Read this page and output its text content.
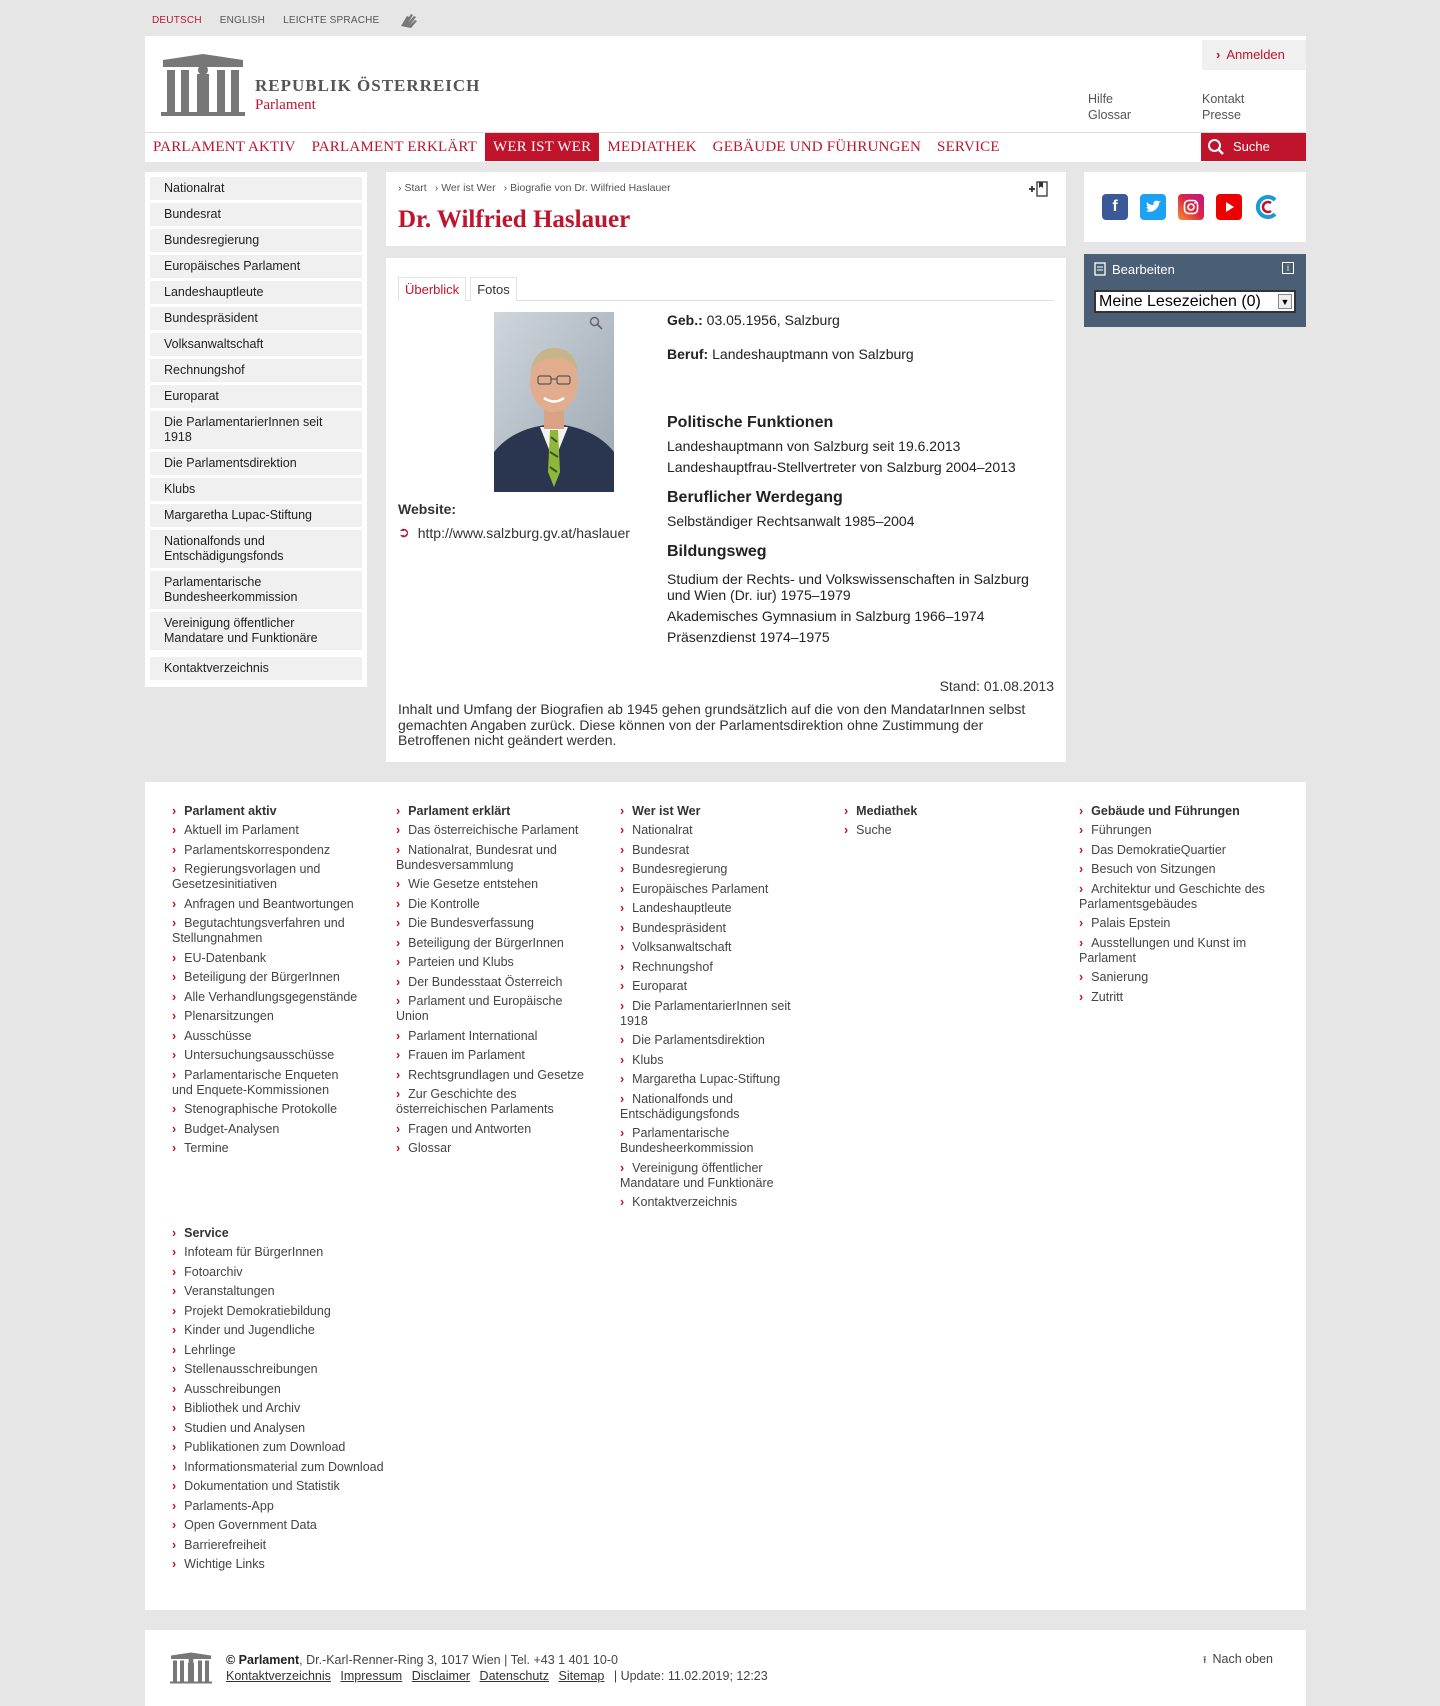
DEUTSCH ENGLISH LEICHTE SPRACHE
REPUBLIK ÖSTERREICH
Parlament
› Anmelden
Hilfe	Kontakt
Glossar	Presse
PARLAMENT AKTIV	PARLAMENT ERKLÄRT	WER IST WER	MEDIATHEK	GEBÄUDE UND FÜHRUNGEN	SERVICE	Suche
Nationalrat
Bundesrat
Bundesregierung
Europäisches Parlament
Landeshauptleute
Bundespräsident
Volksanwaltschaft
Rechnungshof
Europarat
Die ParlamentarierInnen seit 1918
Die Parlamentsdirektion
Klubs
Margaretha Lupac-Stiftung
Nationalfonds und Entschädigungsfonds
Parlamentarische Bundesheerkommission
Vereinigung öffentlicher Mandatare und Funktionäre
Kontaktverzeichnis
› Start	› Wer ist Wer	› Biografie von Dr. Wilfried Haslauer
Dr. Wilfried Haslauer
Überblick	Fotos
Website:
➲ http://www.salzburg.gv.at/haslauer
Geb.: 03.05.1956, Salzburg
Beruf: Landeshauptmann von Salzburg
Politische Funktionen
Landeshauptmann von Salzburg seit 19.6.2013
Landeshauptfrau-Stellvertreter von Salzburg 2004–2013
Beruflicher Werdegang
Selbständiger Rechtsanwalt 1985–2004
Bildungsweg
Studium der Rechts- und Volkswissenschaften in Salzburg und Wien (Dr. iur) 1975–1979
Akademisches Gymnasium in Salzburg 1966–1974
Präsenzdienst 1974–1975
Stand: 01.08.2013
Inhalt und Umfang der Biografien ab 1945 gehen grundsätzlich auf die von den MandatarInnen selbst gemachten Angaben zurück. Diese können von der Parlamentsdirektion ohne Zustimmung der Betroffenen nicht geändert werden.
f
Bearbeiten	i
Meine Lesezeichen (0) ▼
› Parlament aktiv
› Aktuell im Parlament
› Parlamentskorrespondenz
› Regierungsvorlagen und Gesetzesinitiativen
› Anfragen und Beantwortungen
› Begutachtungsverfahren und Stellungnahmen
› EU-Datenbank
› Beteiligung der BürgerInnen
› Alle Verhandlungsgegenstände
› Plenarsitzungen
› Ausschüsse
› Untersuchungsausschüsse
› Parlamentarische Enqueten und Enquete-Kommissionen
› Stenographische Protokolle
› Budget-Analysen
› Termine
› Parlament erklärt
› Das österreichische Parlament
› Nationalrat, Bundesrat und Bundesversammlung
› Wie Gesetze entstehen
› Die Kontrolle
› Die Bundesverfassung
› Beteiligung der BürgerInnen
› Parteien und Klubs
› Der Bundesstaat Österreich
› Parlament und Europäische Union
› Parlament International
› Frauen im Parlament
› Rechtsgrundlagen und Gesetze
› Zur Geschichte des österreichischen Parlaments
› Fragen und Antworten
› Glossar
› Wer ist Wer
› Nationalrat
› Bundesrat
› Bundesregierung
› Europäisches Parlament
› Landeshauptleute
› Bundespräsident
› Volksanwaltschaft
› Rechnungshof
› Europarat
› Die ParlamentarierInnen seit 1918
› Die Parlamentsdirektion
› Klubs
› Margaretha Lupac-Stiftung
› Nationalfonds und Entschädigungsfonds
› Parlamentarische Bundesheerkommission
› Vereinigung öffentlicher Mandatare und Funktionäre
› Kontaktverzeichnis
› Mediathek
› Suche
› Gebäude und Führungen
› Führungen
› Das DemokratieQuartier
› Besuch von Sitzungen
› Architektur und Geschichte des Parlamentsgebäudes
› Palais Epstein
› Ausstellungen und Kunst im Parlament
› Sanierung
› Zutritt
› Service
› Infoteam für BürgerInnen
› Fotoarchiv
› Veranstaltungen
› Projekt Demokratiebildung
› Kinder und Jugendliche
› Lehrlinge
› Stellenausschreibungen
› Ausschreibungen
› Bibliothek und Archiv
› Studien und Analysen
› Publikationen zum Download
› Informationsmaterial zum Download
› Dokumentation und Statistik
› Parlaments-App
› Open Government Data
› Barrierefreiheit
› Wichtige Links
© Parlament, Dr.-Karl-Renner-Ring 3, 1017 Wien | Tel. +43 1 401 10-0
Kontaktverzeichnis Impressum Disclaimer Datenschutz Sitemap | Update: 11.02.2019; 12:23
⭱ Nach oben
